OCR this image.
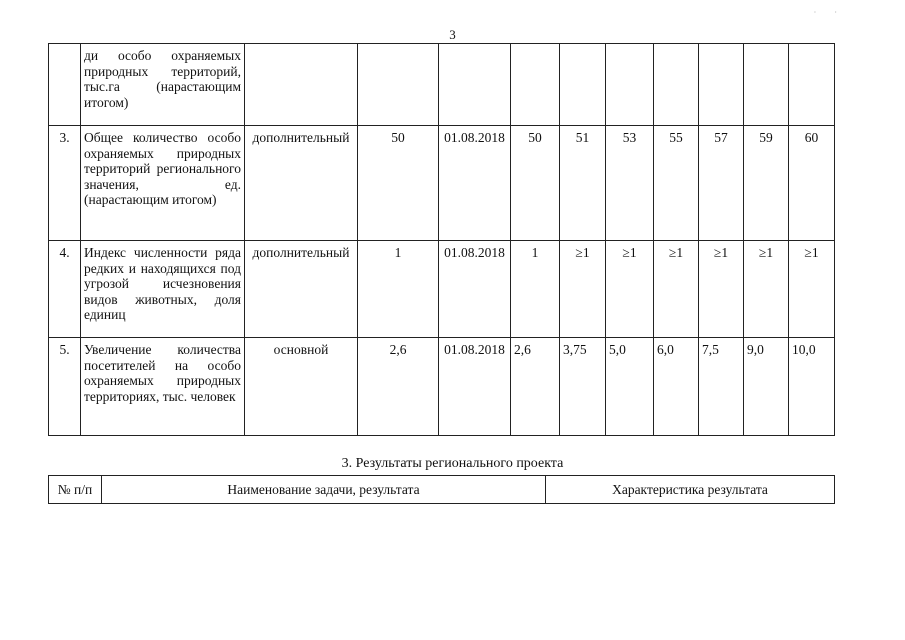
3
· ·
	ди особо охраняемых природных территорий, тыс.га (нарастающим итогом)										
3.	Общее количество особо охраняемых природных территорий регионального значения, ед. (нарастающим итогом)	дополнительный	50	01.08.2018	50	51	53	55	57	59	60
4.	Индекс численности ряда редких и находящихся под угрозой исчезновения видов животных, доля единиц	дополнительный	1	01.08.2018	1	≥1	≥1	≥1	≥1	≥1	≥1
5.	Увеличение количества посетителей на особо охраняемых природных территориях, тыс. человек	основной	2,6	01.08.2018	2,6	3,75	5,0	6,0	7,5	9,0	10,0
3. Результаты регионального проекта
№ п/п	Наименование задачи, результата	Характеристика результата
